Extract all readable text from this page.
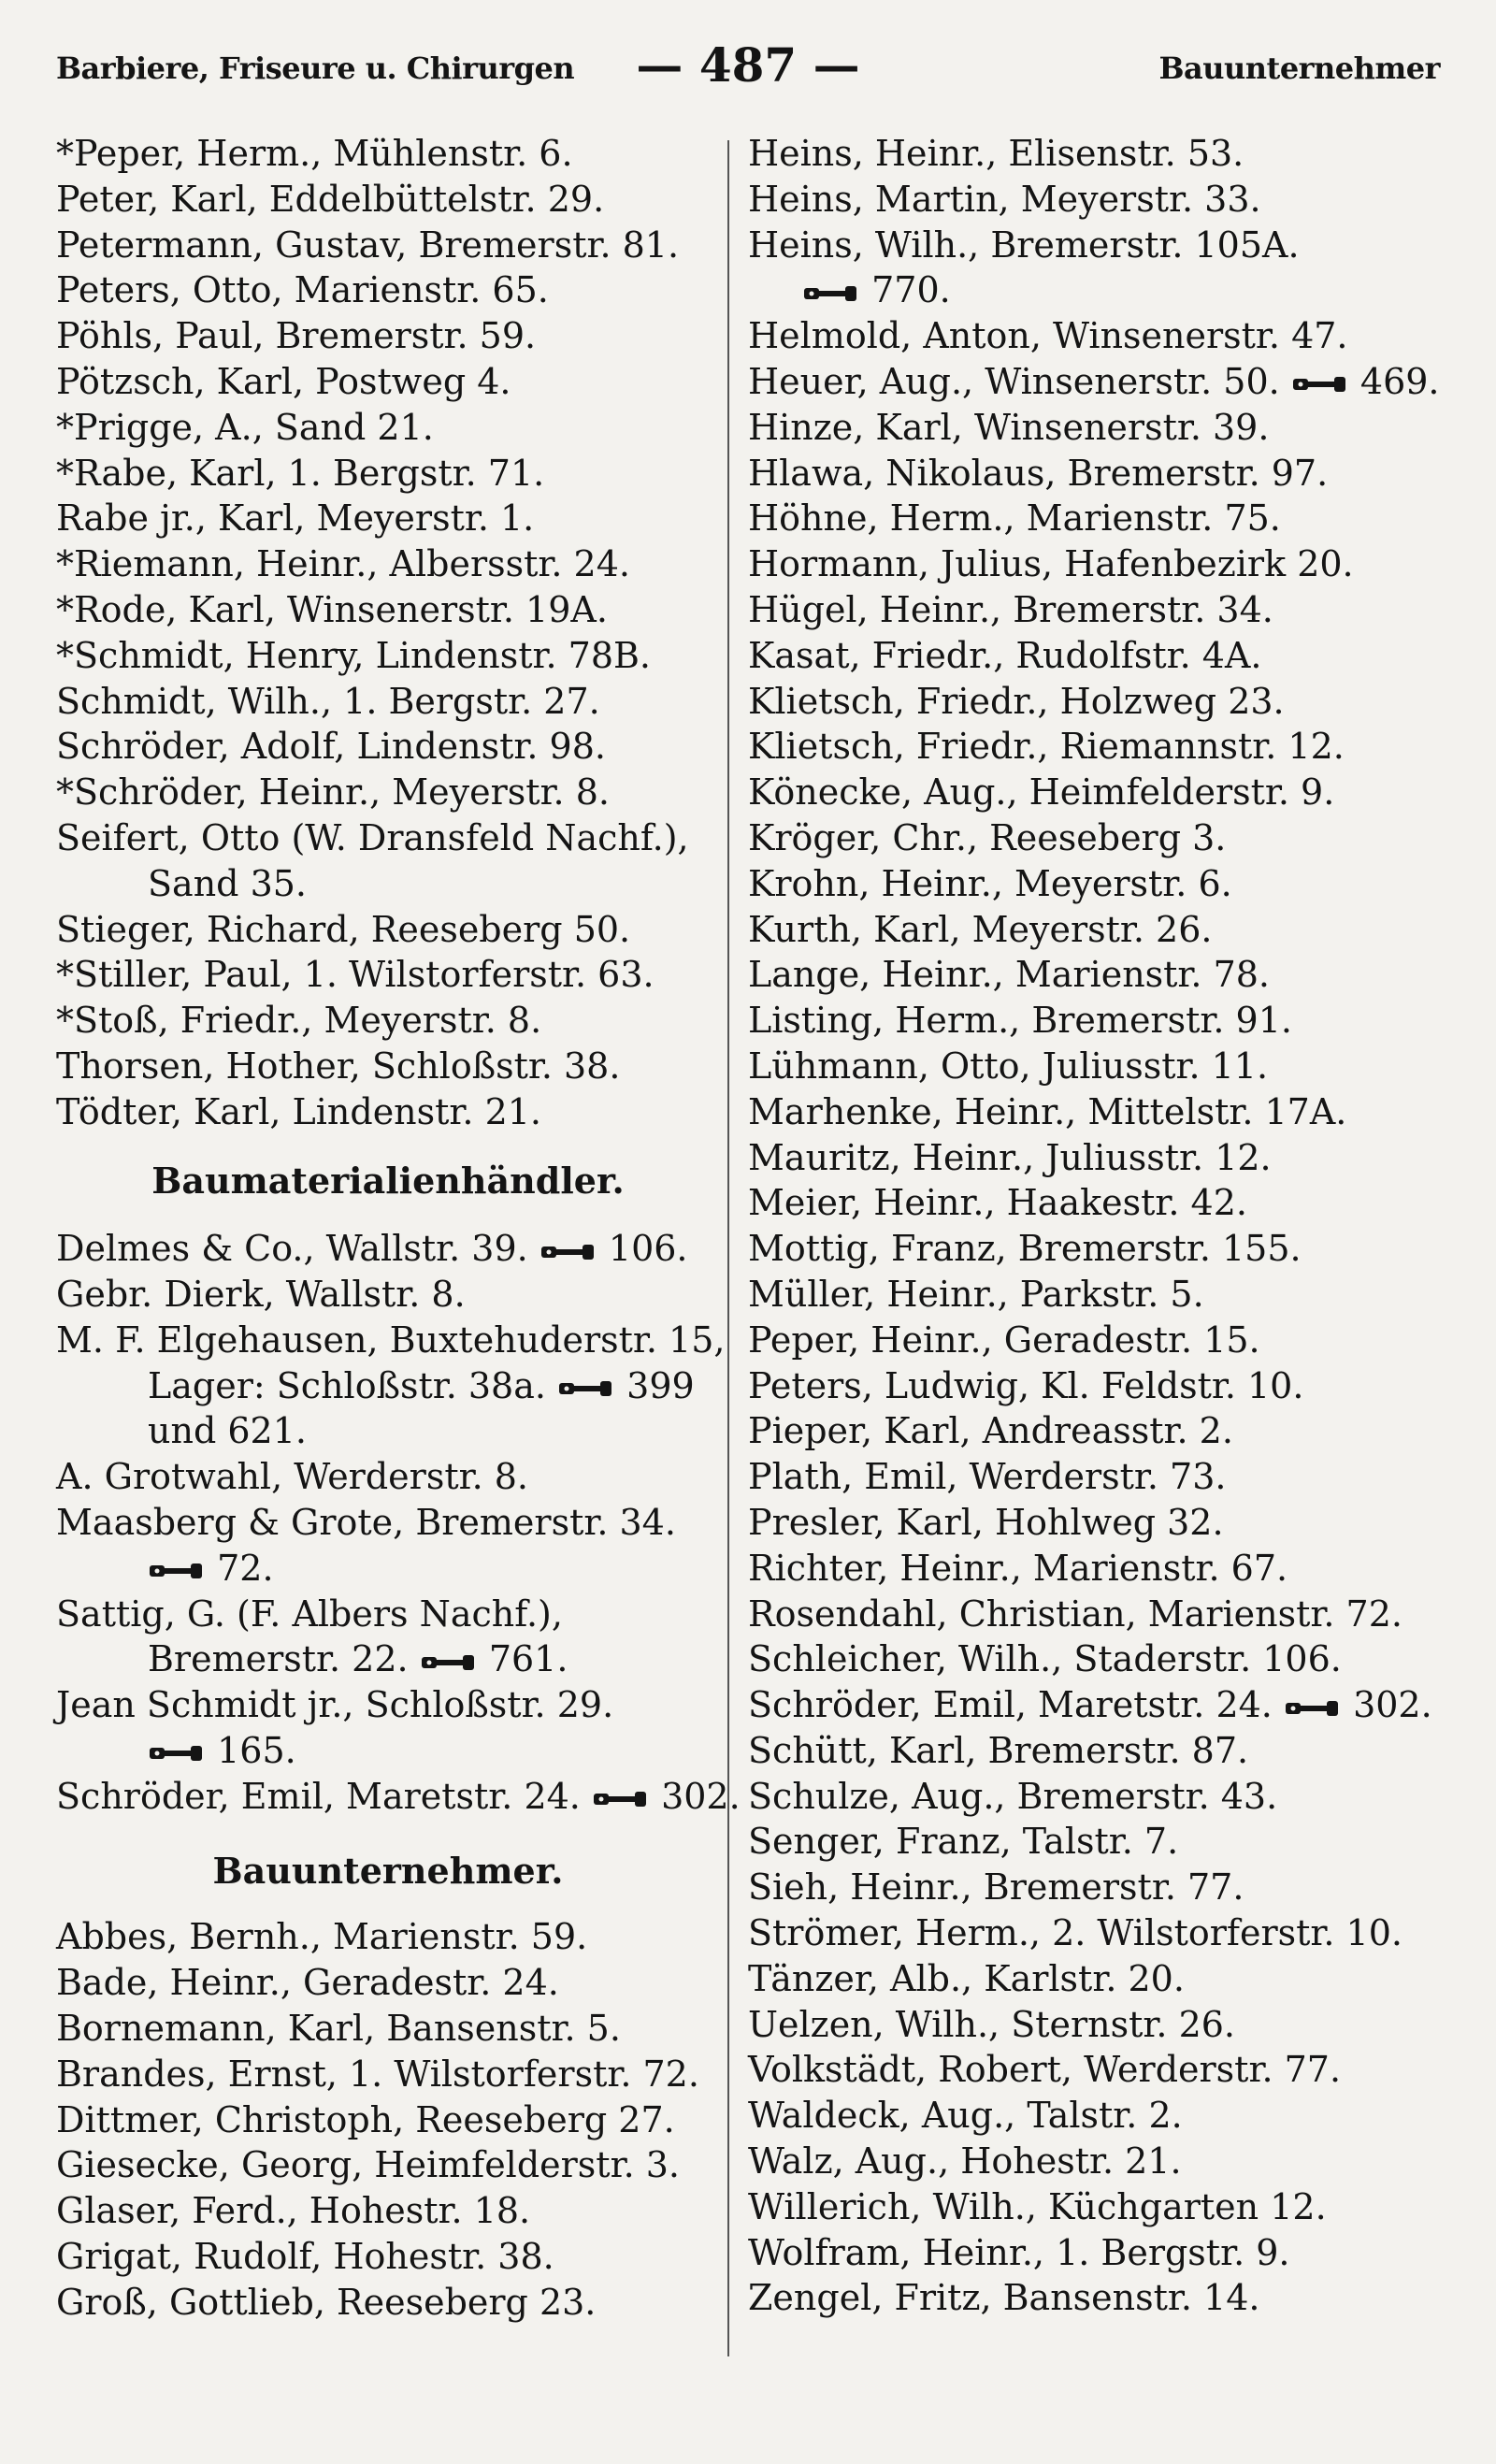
Barbiere, Friseure u. Chirurgen	— 487 —	Bauunternehmer
*Peper, Herm., Mühlenstr. 6.
Peter, Karl, Eddelbüttelstr. 29.
Petermann, Gustav, Bremerstr. 81.
Peters, Otto, Marienstr. 65.
Pöhls, Paul, Bremerstr. 59.
Pötzsch, Karl, Postweg 4.
*Prigge, A., Sand 21.
*Rabe, Karl, 1. Bergstr. 71.
Rabe jr., Karl, Meyerstr. 1.
*Riemann, Heinr., Albersstr. 24.
*Rode, Karl, Winsenerstr. 19A.
*Schmidt, Henry, Lindenstr. 78B.
Schmidt, Wilh., 1. Bergstr. 27.
Schröder, Adolf, Lindenstr. 98.
*Schröder, Heinr., Meyerstr. 8.
Seifert, Otto (W. Dransfeld Nachf.),
Sand 35.
Stieger, Richard, Reeseberg 50.
*Stiller, Paul, 1. Wilstorferstr. 63.
*Stoß, Friedr., Meyerstr. 8.
Thorsen, Hother, Schloßstr. 38.
Tödter, Karl, Lindenstr. 21.
Baumaterialienhändler.
Delmes & Co., Wallstr. 39. 106.
Gebr. Dierk, Wallstr. 8.
M. F. Elgehausen, Buxtehuderstr. 15,
Lager: Schloßstr. 38a. 399
und 621.
A. Grotwahl, Werderstr. 8.
Maasberg & Grote, Bremerstr. 34.
72.
Sattig, G. (F. Albers Nachf.),
Bremerstr. 22. 761.
Jean Schmidt jr., Schloßstr. 29.
165.
Schröder, Emil, Maretstr. 24. 302.
Bauunternehmer.
Abbes, Bernh., Marienstr. 59.
Bade, Heinr., Geradestr. 24.
Bornemann, Karl, Bansenstr. 5.
Brandes, Ernst, 1. Wilstorferstr. 72.
Dittmer, Christoph, Reeseberg 27.
Giesecke, Georg, Heimfelderstr. 3.
Glaser, Ferd., Hohestr. 18.
Grigat, Rudolf, Hohestr. 38.
Groß, Gottlieb, Reeseberg 23.
Heins, Heinr., Elisenstr. 53.
Heins, Martin, Meyerstr. 33.
Heins, Wilh., Bremerstr. 105A.
770.
Helmold, Anton, Winsenerstr. 47.
Heuer, Aug., Winsenerstr. 50. 469.
Hinze, Karl, Winsenerstr. 39.
Hlawa, Nikolaus, Bremerstr. 97.
Höhne, Herm., Marienstr. 75.
Hormann, Julius, Hafenbezirk 20.
Hügel, Heinr., Bremerstr. 34.
Kasat, Friedr., Rudolfstr. 4A.
Klietsch, Friedr., Holzweg 23.
Klietsch, Friedr., Riemannstr. 12.
Könecke, Aug., Heimfelderstr. 9.
Kröger, Chr., Reeseberg 3.
Krohn, Heinr., Meyerstr. 6.
Kurth, Karl, Meyerstr. 26.
Lange, Heinr., Marienstr. 78.
Listing, Herm., Bremerstr. 91.
Lühmann, Otto, Juliusstr. 11.
Marhenke, Heinr., Mittelstr. 17A.
Mauritz, Heinr., Juliusstr. 12.
Meier, Heinr., Haakestr. 42.
Mottig, Franz, Bremerstr. 155.
Müller, Heinr., Parkstr. 5.
Peper, Heinr., Geradestr. 15.
Peters, Ludwig, Kl. Feldstr. 10.
Pieper, Karl, Andreasstr. 2.
Plath, Emil, Werderstr. 73.
Presler, Karl, Hohlweg 32.
Richter, Heinr., Marienstr. 67.
Rosendahl, Christian, Marienstr. 72.
Schleicher, Wilh., Staderstr. 106.
Schröder, Emil, Maretstr. 24. 302.
Schütt, Karl, Bremerstr. 87.
Schulze, Aug., Bremerstr. 43.
Senger, Franz, Talstr. 7.
Sieh, Heinr., Bremerstr. 77.
Strömer, Herm., 2. Wilstorferstr. 10.
Tänzer, Alb., Karlstr. 20.
Uelzen, Wilh., Sternstr. 26.
Volkstädt, Robert, Werderstr. 77.
Waldeck, Aug., Talstr. 2.
Walz, Aug., Hohestr. 21.
Willerich, Wilh., Küchgarten 12.
Wolfram, Heinr., 1. Bergstr. 9.
Zengel, Fritz, Bansenstr. 14.
